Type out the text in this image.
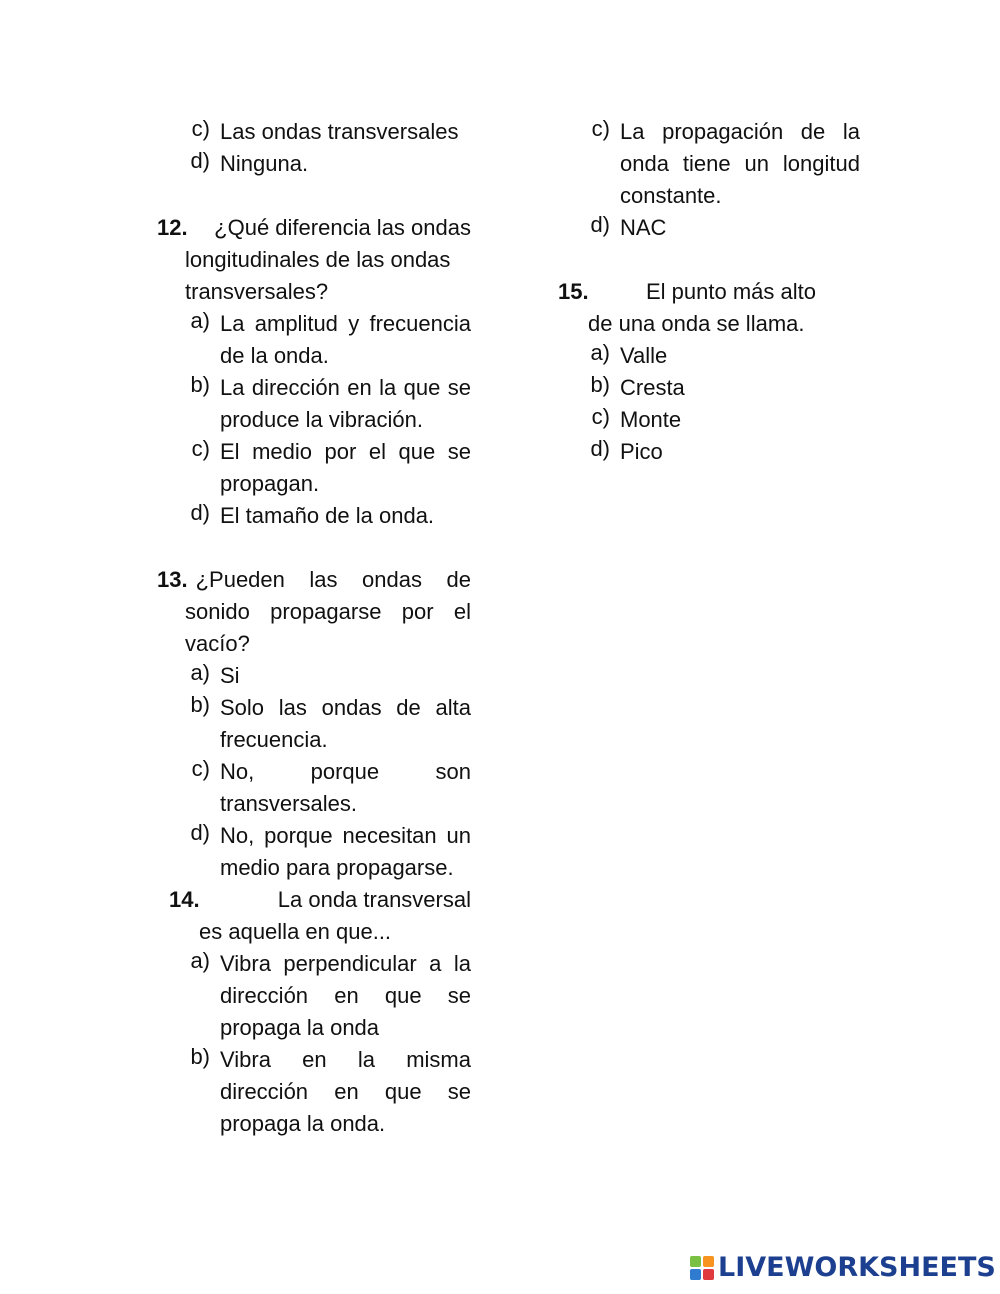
c) Las ondas transversales
d) Ninguna.
12.	¿Qué diferencia las ondas
longitudinales de las ondas
transversales?
a) La amplitud y frecuencia de la onda.
b) La dirección en la que se produce la vibración.
c) El medio por el que se propagan.
d) El tamaño de la onda.
13. ¿Pueden las ondas de
sonido propagarse por el
vacío?
a) Si
b) Solo las ondas de alta frecuencia.
c) No, porque son transversales.
d) No, porque necesitan un medio para propagarse.
14.	La onda transversal
es aquella en que...
a) Vibra perpendicular a la dirección en que se propaga la onda
b) Vibra en la misma dirección en que se propaga la onda.
c) La propagación de la onda tiene un longitud constante.
d) NAC
15.	El punto más alto
de una onda se llama.
a) Valle
b) Cresta
c) Monte
d) Pico
LIVEWORKSHEETS
